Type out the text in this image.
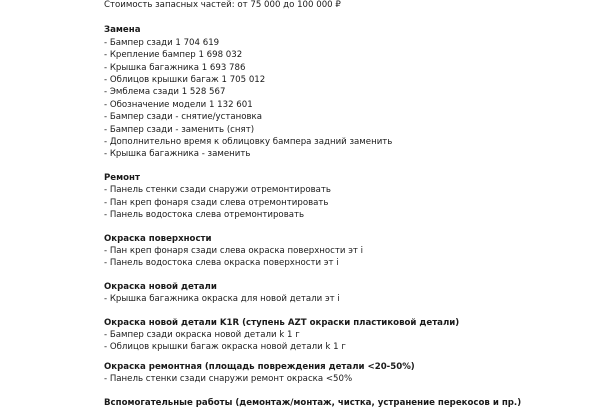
Стоимость запасных частей: от 75 000 до 100 000 ₽
Замена
- Бампер сзади 1 704 619
- Крепление бампер 1 698 032
- Крышка багажника 1 693 786
- Облицов крышки багаж 1 705 012
- Эмблема сзади 1 528 567
- Обозначение модели 1 132 601
- Бампер сзади - снятие/установка
- Бампер сзади - заменить (снят)
- Дополнительно время к облицовку бампера задний заменить
- Крышка багажника - заменить
Ремонт
- Панель стенки сзади снаружи отремонтировать
- Пан креп фонаря сзади слева отремонтировать
- Панель водостока слева отремонтировать
Окраска поверхности
- Пан креп фонаря сзади слева окраска поверхности эт i
- Панель водостока слева окраска поверхности эт i
Окраска новой детали
- Крышка багажника окраска для новой детали эт i
Окраска новой детали K1R (ступень AZT окраски пластиковой детали)
- Бампер сзади окраска новой детали k 1 г
- Облицов крышки багаж окраска новой детали k 1 г
Окраска ремонтная (площадь повреждения детали <20-50%)
- Панель стенки сзади снаружи ремонт окраска <50%
Вспомогательные работы (демонтаж/монтаж, чистка, устранение перекосов и пр.)
